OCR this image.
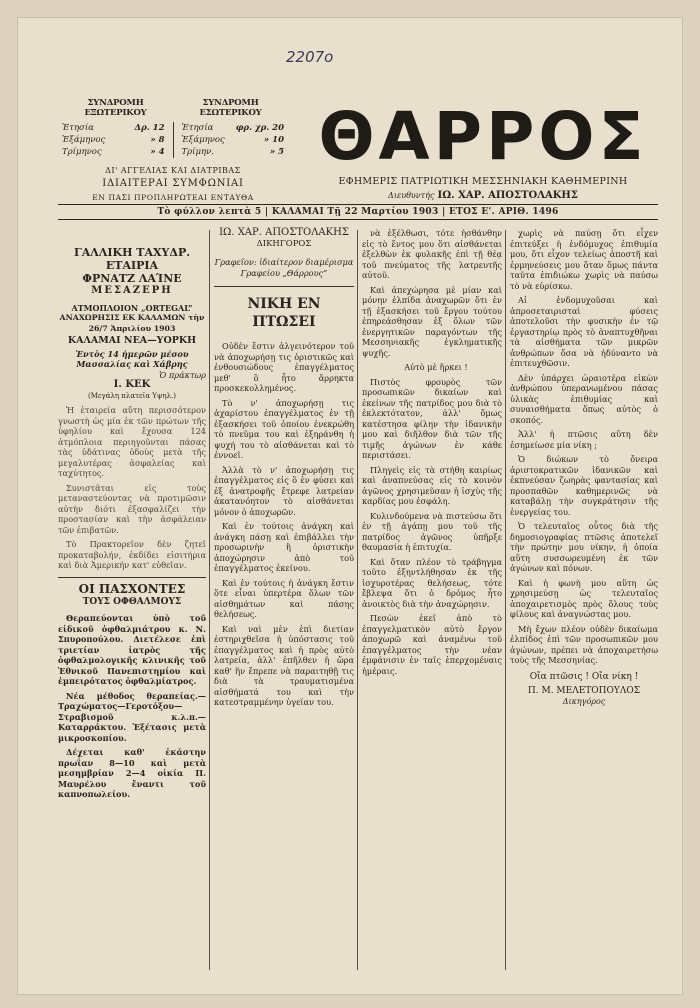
2207ο
ΣΥΝΔΡΟΜΗ ΕΞΩΤΕΡΙΚΟΥ
ΣΥΝΔΡΟΜΗ ΕΣΩΤΕΡΙΚΟΥ
Ἐτησία	Δρ. 12
Ἑξάμηνος	» 8
Τρίμηνος	» 4
Ἐτησία	φρ. χρ. 20
Ἑξάμηνος	» 10
Τρίμην.	» 5
ΔΙ' ΑΓΓΕΛΙΑΣ ΚΑΙ ΔΙΑΤΡΙΒΑΣ
ΙΔΙΑΙΤΕΡΑΙ ΣΥΜΦΩΝΙΑΙ
ΕΝ ΠΑΣΙ ΠΡΟΠΛΗΡΩΤΕΑΙ ΕΝΤΑΥΘΑ
ΘΑΡΡΟΣ
ΕΦΗΜΕΡΙΣ ΠΑΤΡΙΩΤΙΚΗ ΜΕΣΣΗΝΙΑΚΗ ΚΑΘΗΜΕΡΙΝΗ
Διευθυντής ΙΩ. ΧΑΡ. ΑΠΟΣΤΟΛΑΚΗΣ
Τὸ φύλλον λεπτὰ 5 | ΚΑΛΑΜΑΙ Τῇ 22 Μαρτίου 1903 | ΕΤΟΣ Ε'. ΑΡΙΘ. 1496
ΓΑΛΛΙΚΗ ΤΑΧΥΔΡ. ΕΤΑΙΡΙΑ
ΦΡΝΑΤΖ ΛΑΊΝΕ
ΜΕΣΑΖΕΡΗ
ΑΤΜΟΠΛΟΙΟΝ „ORTEGAL”
ΑΝΑΧΩΡΗΣΙΣ ΕΚ ΚΑΛΑΜΩΝ τὴν 26/7 Ἀπριλίου 1903
ΚΑΛΑΜΑΙ ΝΕΑ—ΥΟΡΚΗ
Ἐντὸς 14 ἡμερῶν μέσου Μασσαλίας καὶ Χάβρης
Ὁ πράκτωρ
Ι. ΚΕΚ
(Μεγάλη πλατεῖα Υψηλ.)

Ἡ ἑταιρεία αὕτη περισσότερον γνωστὴ ὡς μία ἐκ τῶν πρώτων τῆς ὑφηλίου καὶ ἔχουσα 124 ἀτμόπλοια περιηγοῦνται πάσας τὰς ὑδάτινας ὁδοὺς μετὰ τῆς μεγαλυτέρας ἀσφαλείας καὶ ταχύτητος.

Συνιστᾶται εἰς τοὺς μεταναστεύοντας νὰ προτιμῶσιν αὐτὴν διότι ἐξασφαλίζει τὴν προστασίαν καὶ τὴν ἀσφάλειαν τῶν ἐπιβατῶν.

Τὸ Πρακτορεῖον δὲν ζητεῖ προκαταβολήν, ἐκδίδει εἰσιτήρια καὶ διὰ Ἀμερικήν κατ' εὐθεῖαν.

ΟΙ ΠΑΣΧΟΝΤΕΣ
ΤΟΥΣ ΟΦΘΑΛΜΟΥΣ

Θεραπεύονται ὑπὸ τοῦ εἰδικοῦ ὀφθαλμιάτρου κ. Ν. Σπυροπούλου. Διετέλεσε ἐπὶ τριετίαν ἰατρὸς τῆς ὀφθαλμολογικῆς κλινικῆς τοῦ Ἐθνικοῦ Πανεπιστημίου καὶ ἐμπειρότατος ὀφθαλμίατρος.

Νέα μέθοδος θεραπείας.—Τραχώματος—Γεροτόξου—Στραβισμοῦ κ.λ.π.—Καταρράκτου. Ἐξέτασις μετὰ μικροσκοπίου.

Δέχεται καθ' ἑκάστην πρωΐαν 8—10 καὶ μετὰ μεσημβρίαν 2—4 οἰκία Π. Μαυρέλου ἔναντι τοῦ καπνοπωλείου.

ΙΩ. ΧΑΡ. ΑΠΟΣΤΟΛΑΚΗΣ
ΔΙΚΗΓΟΡΟΣ
Γραφεῖον: ἰδιαίτερον διαμέρισμα Γραφείου „Θάρρους”
ΝΙΚΗ ΕΝ ΠΤΩΣΕΙ

Οὐδὲν ἔστιν ἀλγεινότερον τοῦ νὰ ἀποχωρήσῃ τις ὁριστικῶς καὶ ἐνθουσιώδους ἐπαγγέλματος μεθ' ὃ ἦτο ἄρρηκτα προσκεκολλημένος.

Τὸ ν' ἀποχωρήσῃ τις ἀχαρίστου ἐπαγγέλματος ἐν τῇ ἐξασκήσει τοῦ ὁποίου ἐνεκρώθη τὸ πνεῦμα του καὶ ἐξηράνθη ἡ ψυχή του τὸ αἰσθάνεται καὶ τὸ ἐννοεῖ.

Ἀλλὰ τὸ ν' ἀποχωρήσῃ τις ἐπαγγέλματος εἰς ὃ ἐν φύσει καὶ ἐξ ἀνατροφῆς ἔτρεφε λατρείαν ἀκατανόητον τὸ αἰσθάνεται μόνον ὁ ἀποχωρῶν.

Καὶ ἐν τούτοις ἀνάγκη καὶ ἀνάγκη πάσῃ καὶ ἐπιβάλλει τὴν προσωρινὴν ἢ ὁριστικὴν ἀποχώρησιν ἀπὸ τοῦ ἐπαγγέλματος ἐκείνου.

Καὶ ἐν τούτοις ἡ ἀνάγκη ἔστιν ὅτε εἶναι ὑπερτέρα ὅλων τῶν αἰσθημάτων καὶ πάσης θελήσεως.

Καὶ ναὶ μὲν ἐπὶ διετίαν ἐστηριχθεῖσα ἡ ὑπόστασις τοῦ ἐπαγγέλματος καὶ ἡ πρὸς αὐτὸ λατρεία, ἀλλ' ἐπῆλθεν ἡ ὥρα καθ' ἣν ἔπρεπε νὰ παραιτηθῇ τις διὰ τὰ τραυματισμένα αἰσθήματά του καὶ τὴν κατεστραμμένην ὑγείαν του.

νὰ ἐξέλθωσι, τότε ἠσθάνθην εἰς τὸ ἔντος μου ὅτι αἰσθάνεται ἐξελθὼν ἐκ φυλακῆς ἐπὶ τῇ θέᾳ τοῦ πνεύματος τῆς λατρευτῆς αὐτοῦ.

Καὶ ἀπεχώρησα μὲ μίαν καὶ μόνην ἐλπίδα ἀναχωρῶν ὅτι ἐν τῇ ἐξασκήσει τοῦ ἔργου τούτου ἐπηρεάσθησαν ἐξ ὅλων τῶν ἐνεργητικῶν παραγόντων τῆς Μεσσηνιακῆς ἐγκληματικῆς ψυχῆς.

Αὐτὸ μὲ ἤρκει !

Πιστὸς φρουρὸς τῶν προσωπικῶν δικαίων καὶ ἐκείνων τῆς πατρίδος μου διὰ τὸ ἐκλεκτότατον, ἀλλ' ὅμως κατέστησα φίλην τὴν ἰδανικὴν μου καὶ διῆλθον διὰ τῶν τῆς τιμῆς ἀγώνων ἐν κάθε περιστάσει.

Πληγεὶς εἰς τὰ στήθη καιρίως καὶ ἀναπνεύσας εἰς τὸ κοινὸν ἀγῶνος χρησιμεῦσαν ἡ ἰσχὺς τῆς καρδίας μου ἐσφάλη.

Κυλινδούμενα νὰ πιστεύσω ὅτι ἐν τῇ ἀγάπῃ μου τοῦ τῆς πατρίδος ἀγῶνος ὑπῆρξε θαυμασία ἡ ἐπιτυχία.

Καὶ ὅταν πλέον τὸ τράβηγμα τοῦτο ἐξηντλήθησαν ἐκ τῆς ἰσχυροτέρας θελήσεως, τότε ἔβλεψα ὅτι ὁ δρόμος ἦτο ἀνοικτὸς διὰ τὴν ἀναχώρησιν.

Πεσὼν ἐκεῖ ἀπὸ τὸ ἐπαγγελματικὸν αὐτὸ ἔργον ἀποχωρῶ καὶ ἀναμένω τοῦ ἐπαγγέλματος τὴν νέαν ἐμφάνισιν ἐν ταῖς ἐπερχομέναις ἡμέραις.

χωρὶς νὰ παύσῃ ὅτι εἶχεν ἐπιτεύξει ἡ ἐνδόμυχος ἐπιθυμία μου, ὅτι εἶχον τελείως ἀποστῆ καὶ ἐρμηνεύσεις μου ὅταν ὅμως πάντα ταῦτα ἐπιδιώκω χωρὶς νὰ παύσω τὸ νὰ εὑρίσκω.

Αἱ ἐνδομυχοῦσαι καὶ ἀπροσεταιρισταὶ φύσεις ἀποτελοῦσι τὴν φυσικὴν ἐν τῷ ἐργαστηρίῳ πρὸς τὸ ἀναπτυχθῆναι τὰ αἰσθήματα τῶν μικρῶν ἀνθρώπων ὅσα νὰ ἠδύναντο νὰ ἐπιτευχθῶσιν.

Δὲν ὑπάρχει ὡραιοτέρα εἰκὼν ἀνθρώπου ὑπερανωμένου πάσας ὑλικὰς ἐπιθυμίας καὶ συναισθήματα ὅπως αὐτὸς ὁ σκοπός.

Ἀλλ' ἡ πτῶσις αὕτη δὲν ἐσημείωσε μία νίκη ;

Ὁ διώκων τὸ ὄνειρα ἀριστοκρατικῶν ἰδανικῶν καὶ ἐκπνεύσαν ζωηρὰς φαντασίας καὶ προσπαθῶν καθημερινῶς νὰ καταβάλῃ τὴν συγκράτησιν τῆς ἐνεργείας του.

Ὁ τελευταῖος οὗτος διὰ τῆς δημοσιογραφίας πτῶσις ἀποτελεῖ τὴν πρώτην μου νίκην, ἡ ὁποία αὕτη συσσωρευμένη ἐκ τῶν ἀγώνων καὶ πόνων.

Καὶ ἡ φωνὴ μου αὕτη ὡς χρησιμεύσῃ ὡς τελευταῖος ἀποχαιρετισμὸς πρὸς ὅλους τοὺς φίλους καὶ ἀναγνώστας μου.

Μὴ ἔχων πλέον οὐδὲν δικαίωμα ἐλπίδος ἐπὶ τῶν προσωπικῶν μου ἀγώνων, πρέπει νὰ ἀποχαιρετήσω τοὺς τῆς Μεσσηνίας.

Οἴα πτῶσις ! Οἴα νίκη !
Π. Μ. ΜΕΛΕΤΟΠΟΥΛΟΣ
Δικηγόρος
